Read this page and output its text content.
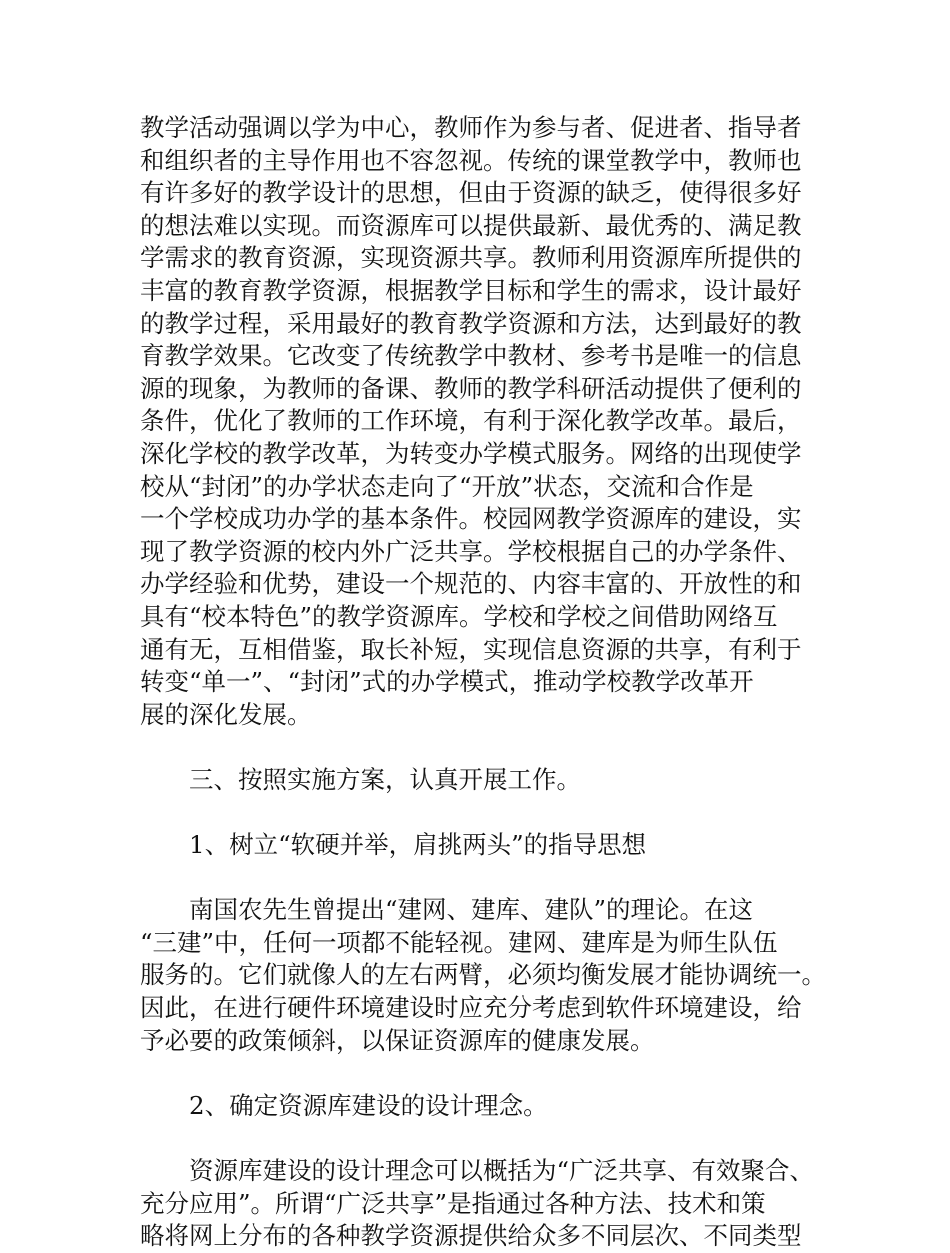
教学活动强调以学为中心，教师作为参与者、促进者、指导者
和组织者的主导作用也不容忽视。传统的课堂教学中，教师也
有许多好的教学设计的思想，但由于资源的缺乏，使得很多好
的想法难以实现。而资源库可以提供最新、最优秀的、满足教
学需求的教育资源，实现资源共享。教师利用资源库所提供的
丰富的教育教学资源，根据教学目标和学生的需求，设计最好
的教学过程，采用最好的教育教学资源和方法，达到最好的教
育教学效果。它改变了传统教学中教材、参考书是唯一的信息
源的现象，为教师的备课、教师的教学科研活动提供了便利的
条件，优化了教师的工作环境，有利于深化教学改革。最后，
深化学校的教学改革，为转变办学模式服务。网络的出现使学
校从“封闭”的办学状态走向了“开放”状态，交流和合作是
一个学校成功办学的基本条件。校园网教学资源库的建设，实
现了教学资源的校内外广泛共享。学校根据自己的办学条件、
办学经验和优势，建设一个规范的、内容丰富的、开放性的和
具有“校本特色”的教学资源库。学校和学校之间借助网络互
通有无，互相借鉴，取长补短，实现信息资源的共享，有利于
转变“单一”、“封闭”式的办学模式，推动学校教学改革开
展的深化发展。
三、按照实施方案，认真开展工作。
1、树立“软硬并举，肩挑两头”的指导思想
南国农先生曾提出“建网、建库、建队”的理论。在这
“三建”中，任何一项都不能轻视。建网、建库是为师生队伍
服务的。它们就像人的左右两臂，必须均衡发展才能协调统一。
因此，在进行硬件环境建设时应充分考虑到软件环境建设，给
予必要的政策倾斜，以保证资源库的健康发展。
2、确定资源库建设的设计理念。
资源库建设的设计理念可以概括为“广泛共享、有效聚合、
充分应用”。所谓“广泛共享”是指通过各种方法、技术和策
略将网上分布的各种教学资源提供给众多不同层次、不同类型
